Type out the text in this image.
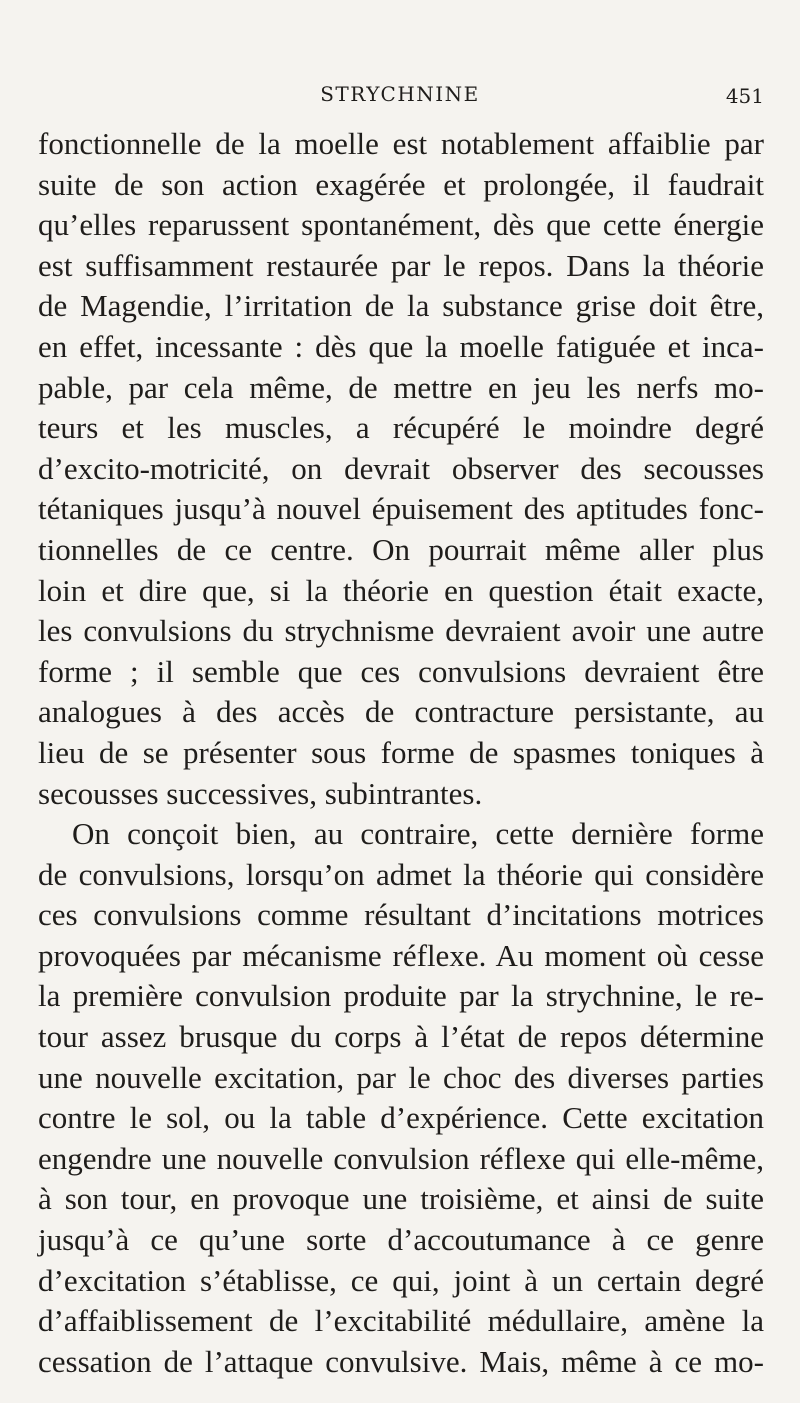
STRYCHNINE	451
fonctionnelle de la moelle est notablement affaiblie par
suite de son action exagérée et prolongée, il faudrait
qu’elles reparussent spontanément, dès que cette énergie
est suffisamment restaurée par le repos. Dans la théorie
de Magendie, l’irritation de la substance grise doit être,
en effet, incessante : dès que la moelle fatiguée et inca-
pable, par cela même, de mettre en jeu les nerfs mo-
teurs et les muscles, a récupéré le moindre degré
d’excito-motricité, on devrait observer des secousses
tétaniques jusqu’à nouvel épuisement des aptitudes fonc-
tionnelles de ce centre. On pourrait même aller plus
loin et dire que, si la théorie en question était exacte,
les convulsions du strychnisme devraient avoir une autre
forme ; il semble que ces convulsions devraient être
analogues à des accès de contracture persistante, au
lieu de se présenter sous forme de spasmes toniques à
secousses successives, subintrantes.
On conçoit bien, au contraire, cette dernière forme
de convulsions, lorsqu’on admet la théorie qui considère
ces convulsions comme résultant d’incitations motrices
provoquées par mécanisme réflexe. Au moment où cesse
la première convulsion produite par la strychnine, le re-
tour assez brusque du corps à l’état de repos détermine
une nouvelle excitation, par le choc des diverses parties
contre le sol, ou la table d’expérience. Cette excitation
engendre une nouvelle convulsion réflexe qui elle-même,
à son tour, en provoque une troisième, et ainsi de suite
jusqu’à ce qu’une sorte d’accoutumance à ce genre
d’excitation s’établisse, ce qui, joint à un certain degré
d’affaiblissement de l’excitabilité médullaire, amène la
cessation de l’attaque convulsive. Mais, même à ce mo-
